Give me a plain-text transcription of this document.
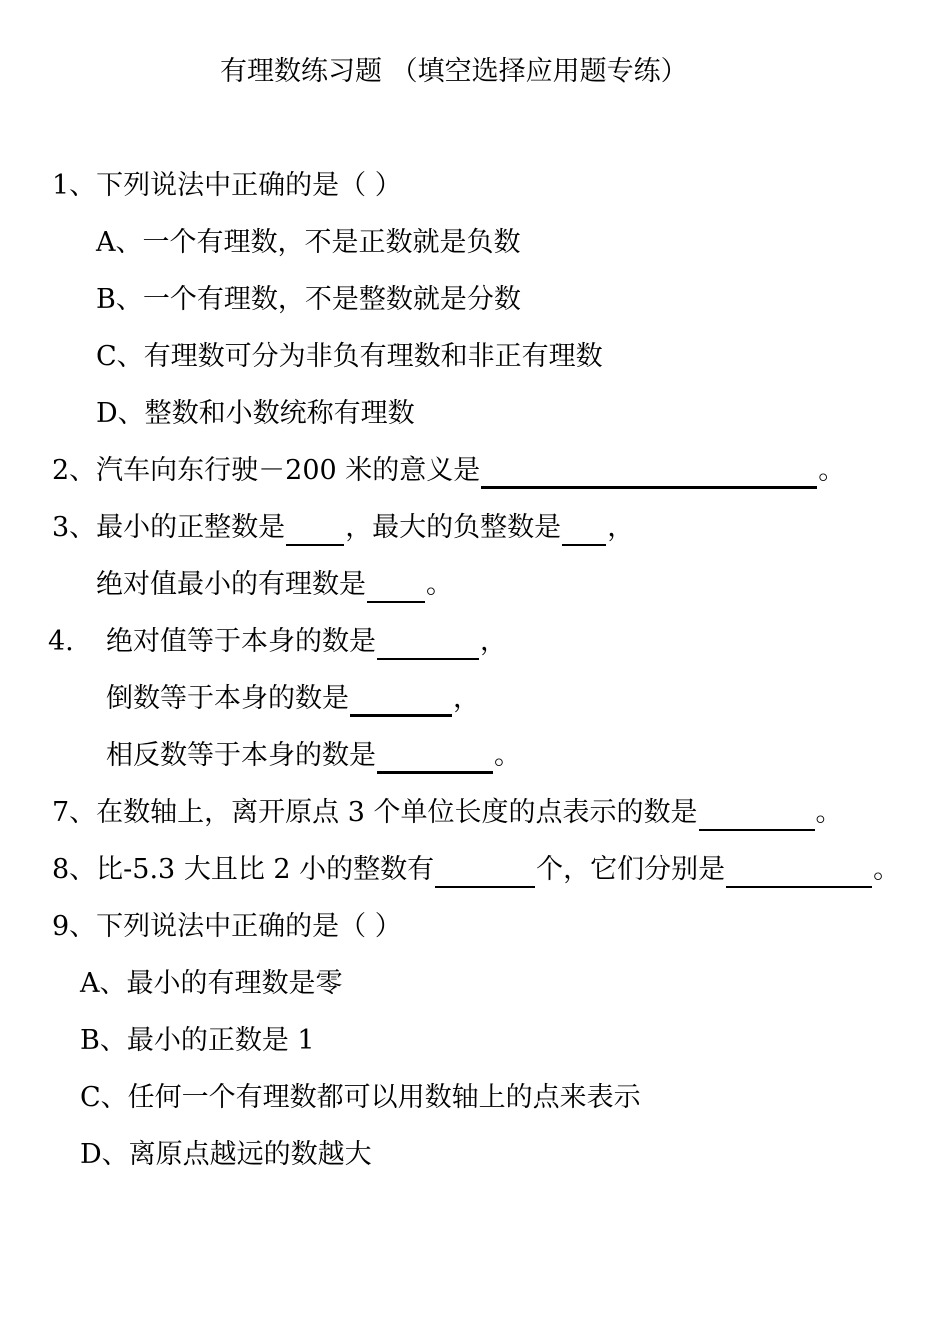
有理数练习题 （填空选择应用题专练）
1、下列说法中正确的是（ ）
A、一个有理数，不是正数就是负数
B、一个有理数，不是整数就是分数
C、有理数可分为非负有理数和非正有理数
D、整数和小数统称有理数
2、汽车向东行驶－200 米的意义是	。
3、最小的正整数是 ，最大的负整数是 ，
绝对值最小的有理数是 。
4. 绝对值等于本身的数是	，
倒数等于本身的数是	，
相反数等于本身的数是	。
7、在数轴上，离开原点 3 个单位长度的点表示的数是	。
8、比-5.3 大且比 2 小的整数有	个，它们分别是	。
9、下列说法中正确的是（ ）
A、最小的有理数是零
B、最小的正数是 1
C、任何一个有理数都可以用数轴上的点来表示
D、离原点越远的数越大
